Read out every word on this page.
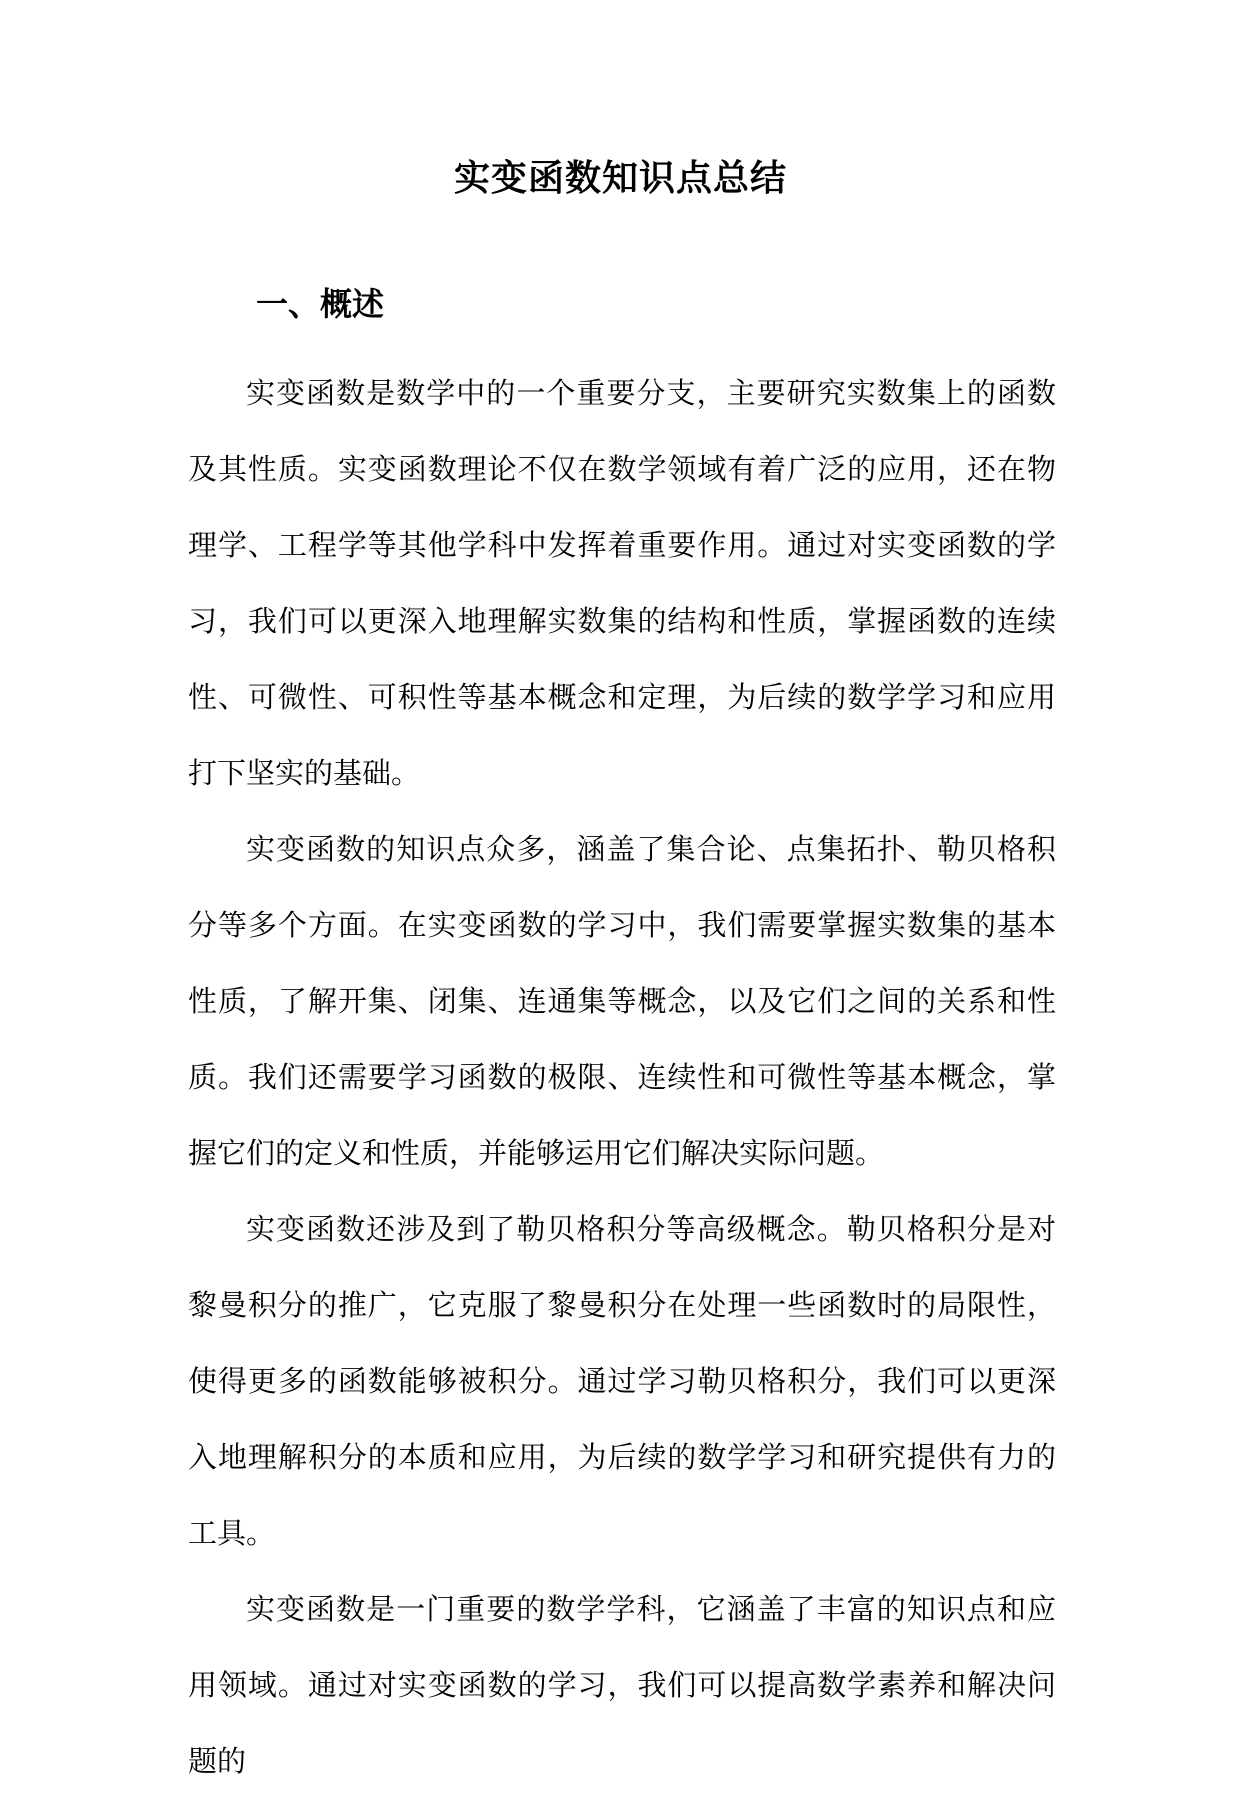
实变函数知识点总结
一、概述

实变函数是数学中的一个重要分支，主要研究实数集上的函数及其性质。实变函数理论不仅在数学领域有着广泛的应用，还在物理学、工程学等其他学科中发挥着重要作用。通过对实变函数的学习，我们可以更深入地理解实数集的结构和性质，掌握函数的连续性、可微性、可积性等基本概念和定理，为后续的数学学习和应用打下坚实的基础。

实变函数的知识点众多，涵盖了集合论、点集拓扑、勒贝格积分等多个方面。在实变函数的学习中，我们需要掌握实数集的基本性质，了解开集、闭集、连通集等概念，以及它们之间的关系和性质。我们还需要学习函数的极限、连续性和可微性等基本概念，掌握它们的定义和性质，并能够运用它们解决实际问题。

实变函数还涉及到了勒贝格积分等高级概念。勒贝格积分是对黎曼积分的推广，它克服了黎曼积分在处理一些函数时的局限性，使得更多的函数能够被积分。通过学习勒贝格积分，我们可以更深入地理解积分的本质和应用，为后续的数学学习和研究提供有力的工具。

实变函数是一门重要的数学学科，它涵盖了丰富的知识点和应用领域。通过对实变函数的学习，我们可以提高数学素养和解决问题的
